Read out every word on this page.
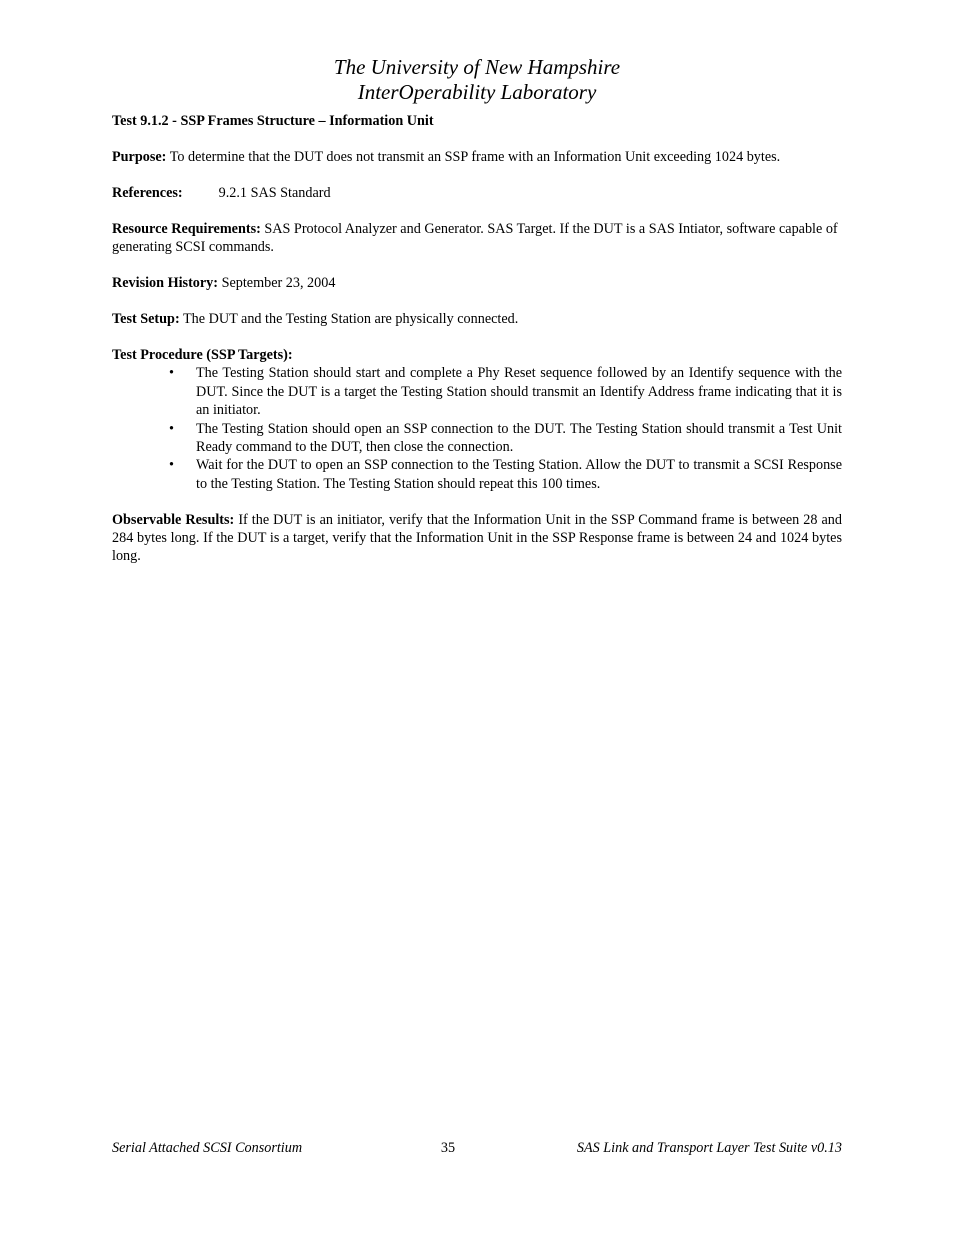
The University of New Hampshire
InterOperability Laboratory

Test 9.1.2 - SSP Frames Structure – Information Unit

Purpose: To determine that the DUT does not transmit an SSP frame with an Information Unit exceeding 1024 bytes.

References:	9.2.1 SAS Standard

Resource Requirements: SAS Protocol Analyzer and Generator. SAS Target. If the DUT is a SAS Intiator, software capable of generating SCSI commands.

Revision History: September 23, 2004

Test Setup: The DUT and the Testing Station are physically connected.

Test Procedure (SSP Targets):
• The Testing Station should start and complete a Phy Reset sequence followed by an Identify sequence with the DUT. Since the DUT is a target the Testing Station should transmit an Identify Address frame indicating that it is an initiator.
• The Testing Station should open an SSP connection to the DUT. The Testing Station should transmit a Test Unit Ready command to the DUT, then close the connection.
• Wait for the DUT to open an SSP connection to the Testing Station. Allow the DUT to transmit a SCSI Response to the Testing Station. The Testing Station should repeat this 100 times.

Observable Results: If the DUT is an initiator, verify that the Information Unit in the SSP Command frame is between 28 and 284 bytes long. If the DUT is a target, verify that the Information Unit in the SSP Response frame is between 24 and 1024 bytes long.

Serial Attached SCSI Consortium	35	SAS Link and Transport Layer Test Suite v0.13
